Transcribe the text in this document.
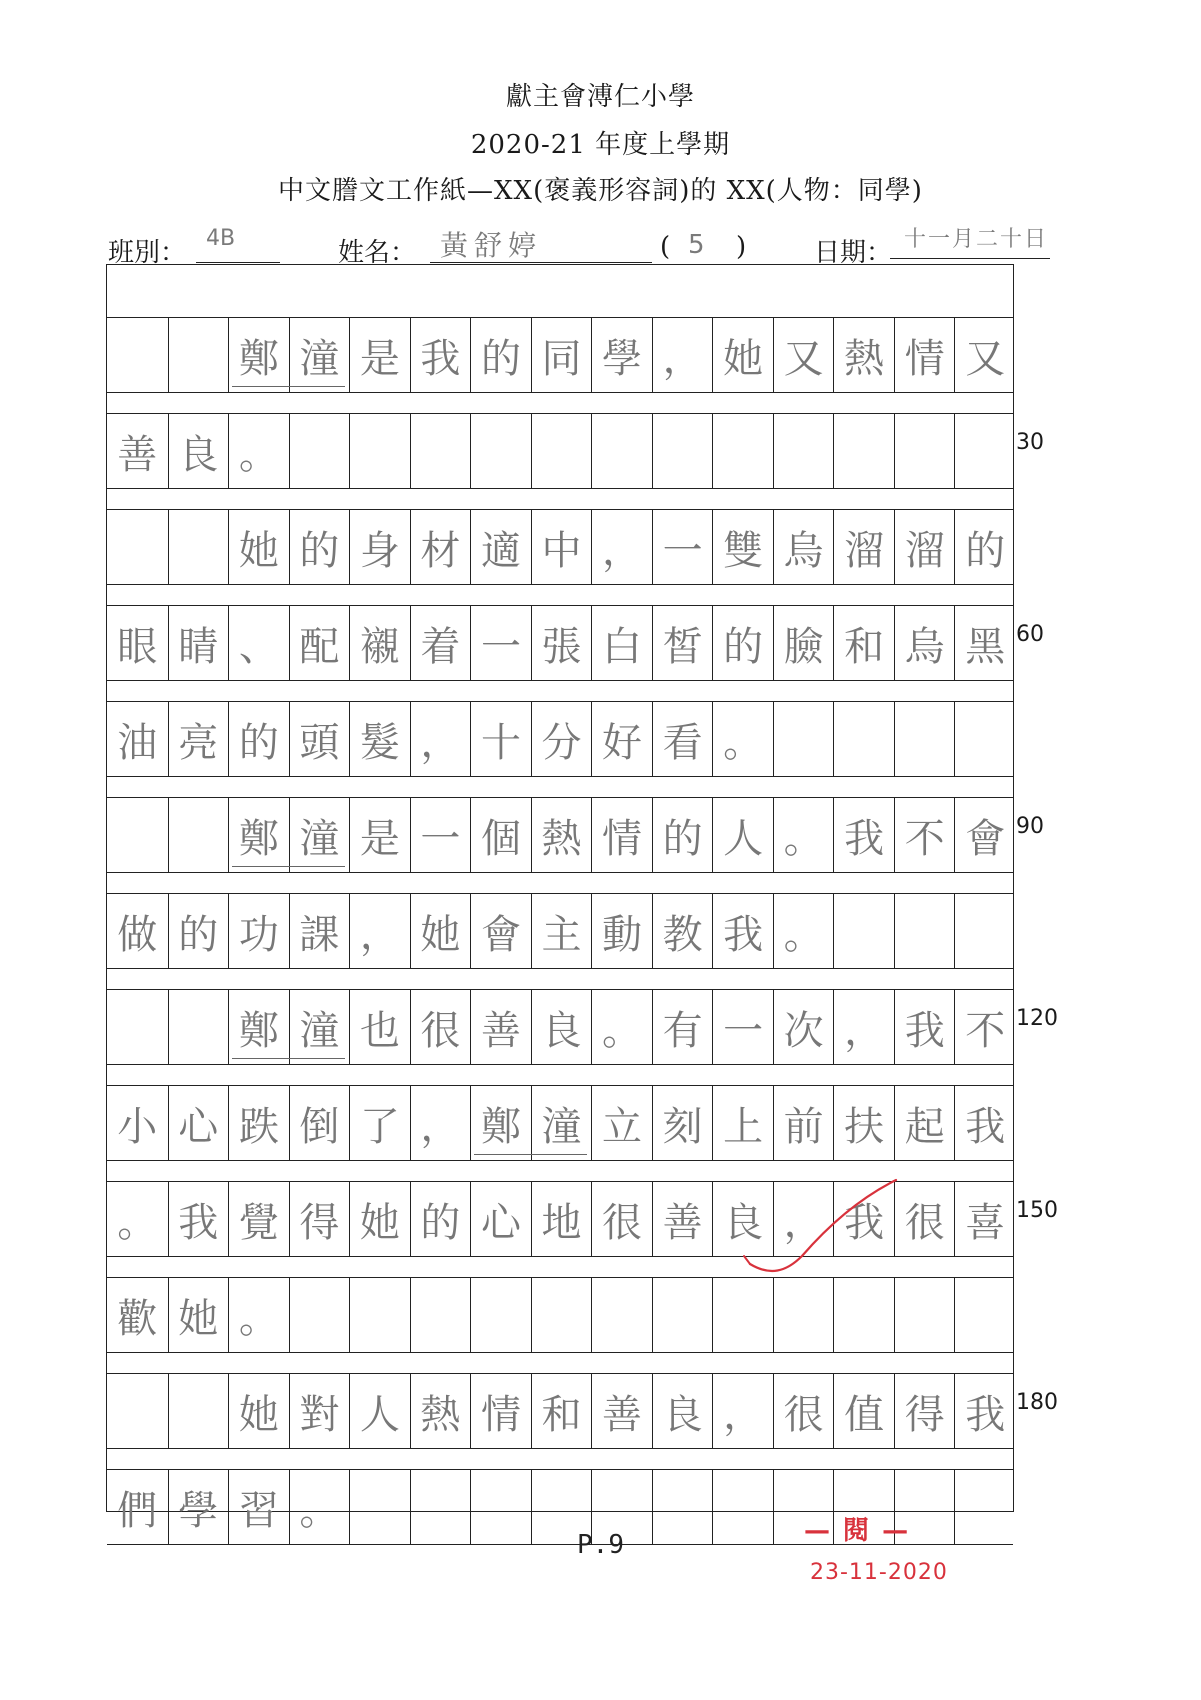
獻主會溥仁小學
2020-21 年度上學期
中文謄文工作紙—XX(褒義形容詞)的 XX(人物：同學)
班別： 4B	姓名： 黃舒婷	( 5 )	日期： 十一月二十日
鄭 潼 是 我 的 同 學 ， 她 又 熱 情 又
善 良 。
她 的 身 材 適 中 ， 一 雙 烏 溜 溜 的
眼 睛 、 配 襯 着 一 張 白 皙 的 臉 和 烏 黑
油 亮 的 頭 髮 ， 十 分 好 看 。
鄭 潼 是 一 個 熱 情 的 人 。 我 不 會
做 的 功 課 ， 她 會 主 動 教 我 。
鄭 潼 也 很 善 良 。 有 一 次 ， 我 不
小 心 跌 倒 了 ， 鄭 潼 立 刻 上 前 扶 起 我
。 我 覺 得 她 的 心 地 很 善 良 ， 我 很 喜
歡 她 。
她 對 人 熱 情 和 善 良 ， 很 值 得 我
們 學 習 。
P.9	— 閱 —
23-11-2020
30
60
90
120
150
180
